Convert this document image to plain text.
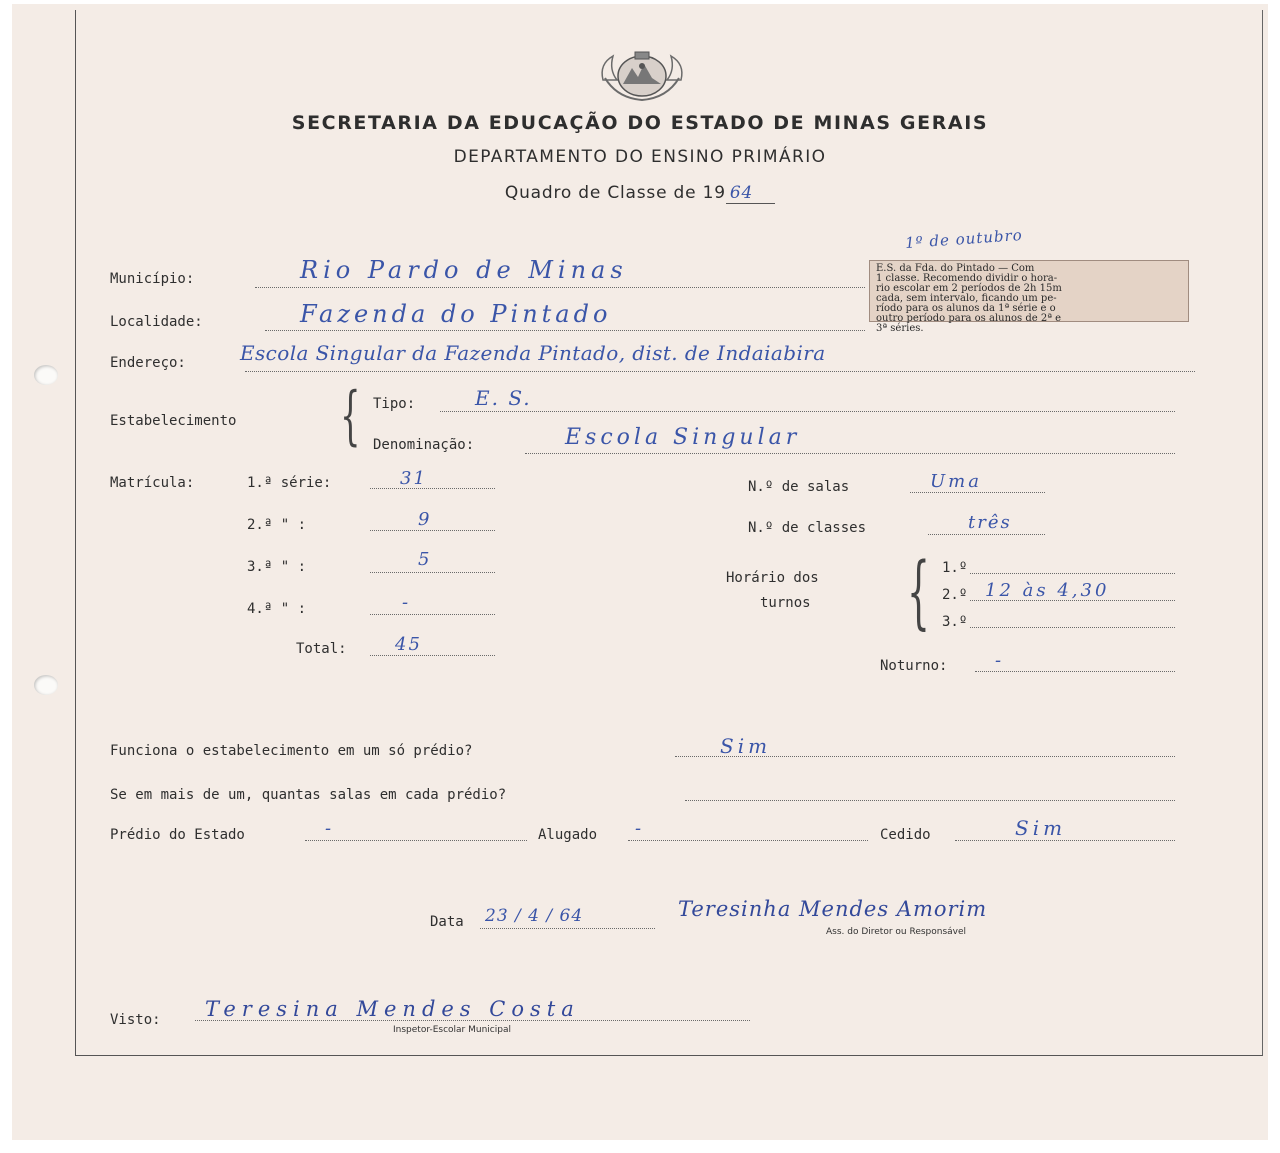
SECRETARIA DA EDUCAÇÃO DO ESTADO DE MINAS GERAIS
DEPARTAMENTO DO ENSINO PRIMÁRIO
Quadro de Classe de 19 64
1º de outubro
E.S. da Fda. do Pintado — Com
1 classe. Recomendo dividir o hora-
rio escolar em 2 períodos de 2h 15m
cada, sem intervalo, ficando um pe-
ríodo para os alunos da 1ª série e o
outro período para os alunos de 2ª e
3ª séries.
Município:	Rio Pardo de Minas
Localidade:	Fazenda do Pintado
Endereço:	Escola Singular da Fazenda Pintado, dist. de Indaiabira
Estabelecimento { Tipo:	E. S.
Denominação:	Escola Singular
Matrícula:	1.ª série:	31
2.ª " :	9
3.ª " :	5
4.ª " :	-
Total:	45
N.º de salas	Uma
N.º de classes	três
Horário dos
turnos { 1.º
2.º 12 às 4,30
3.º
Noturno:	-
Funciona o estabelecimento em um só prédio?	Sim
Se em mais de um, quantas salas em cada prédio?
Prédio do Estado	-	Alugado -	Cedido	Sim
Data 23 / 4 / 64	Teresinha Mendes Amorim
Ass. do Diretor ou Responsável
Visto: Teresina Mendes Costa
Inspetor-Escolar Municipal
